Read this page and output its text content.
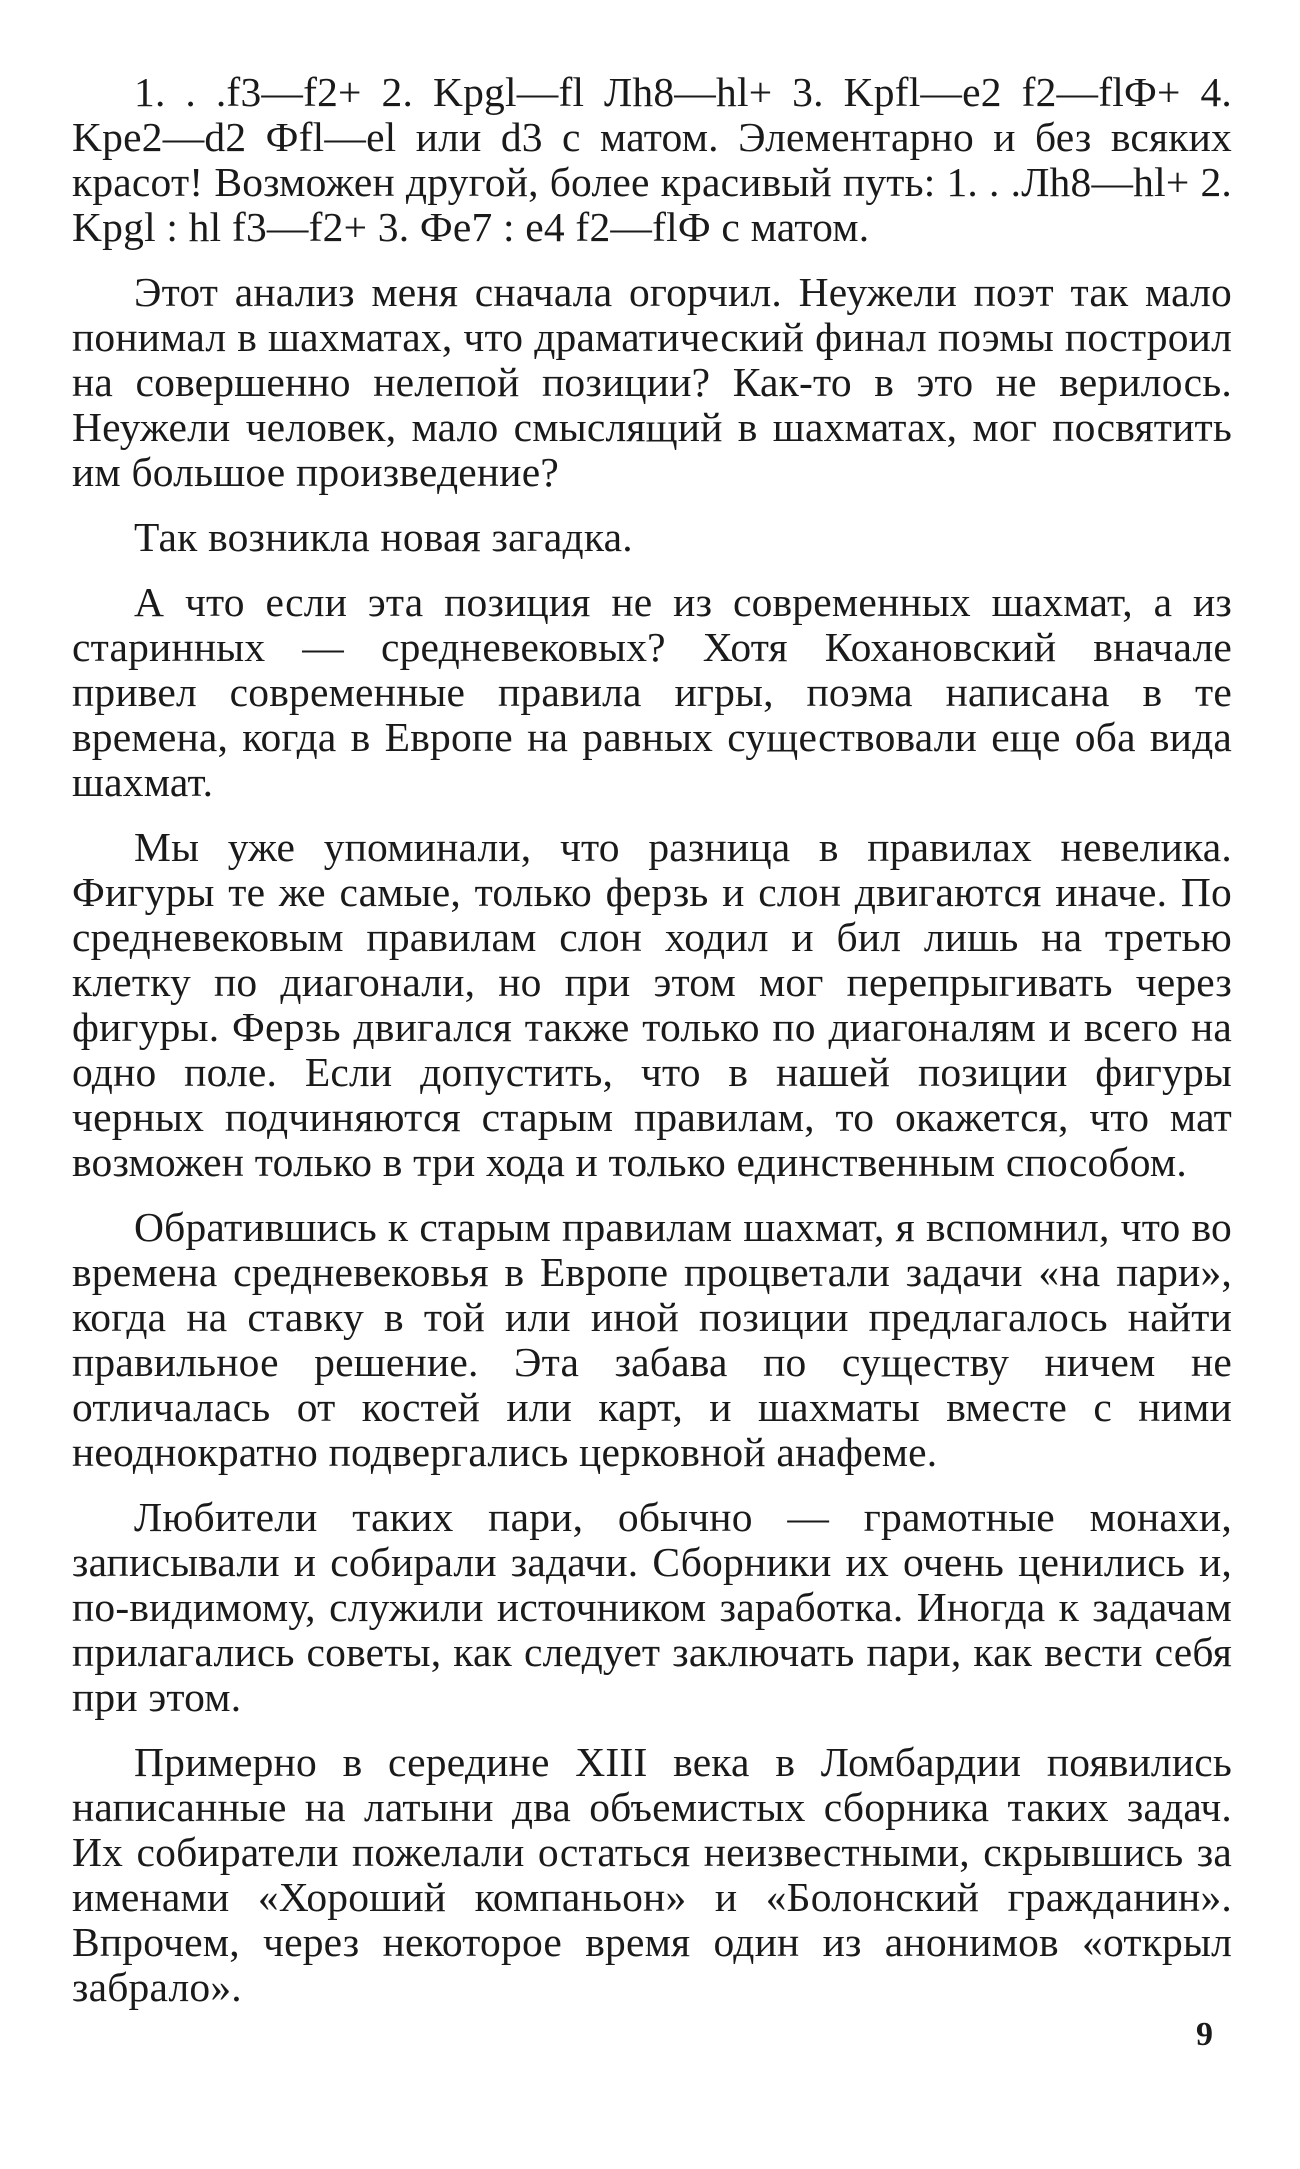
1. . .f3—f2+ 2. Kpgl—fl Лh8—hl+ 3. Kpfl—e2 f2—flФ+ 4. Kpe2—d2 Фfl—el или d3 с матом. Элементарно и без всяких красот! Возможен другой, более красивый путь: 1. . .Лh8—hl+ 2. Kpgl : hl f3—f2+ 3. Фe7 : e4 f2—flФ с матом.

Этот анализ меня сначала огорчил. Неужели поэт так мало понимал в шахматах, что драматический финал поэмы построил на совершенно нелепой позиции? Как-то в это не верилось. Неужели человек, мало смыслящий в шахматах, мог посвятить им большое произведение?

Так возникла новая загадка.

А что если эта позиция не из современных шахмат, а из старинных — средневековых? Хотя Кохановский вначале привел современные правила игры, поэма написана в те времена, когда в Европе на равных существовали еще оба вида шахмат.

Мы уже упоминали, что разница в правилах невелика. Фигуры те же самые, только ферзь и слон двигаются иначе. По средневековым правилам слон ходил и бил лишь на третью клетку по диагонали, но при этом мог перепрыгивать через фигуры. Ферзь двигался также только по диагоналям и всего на одно поле. Если допустить, что в нашей позиции фигуры черных подчиняются старым правилам, то окажется, что мат возможен только в три хода и только единственным способом.

Обратившись к старым правилам шахмат, я вспомнил, что во времена средневековья в Европе процветали задачи «на пари», когда на ставку в той или иной позиции предлагалось найти правильное решение. Эта забава по существу ничем не отличалась от костей или карт, и шахматы вместе с ними неоднократно подвергались церковной анафеме.

Любители таких пари, обычно — грамотные монахи, записывали и собирали задачи. Сборники их очень ценились и, по-видимому, служили источником заработка. Иногда к задачам прилагались советы, как следует заключать пари, как вести себя при этом.

Примерно в середине XIII века в Ломбардии появились написанные на латыни два объемистых сборника таких задач. Их собиратели пожелали остаться неизвестными, скрывшись за именами «Хороший компаньон» и «Болонский гражданин». Впрочем, через некоторое время один из анонимов «открыл забрало».

9
